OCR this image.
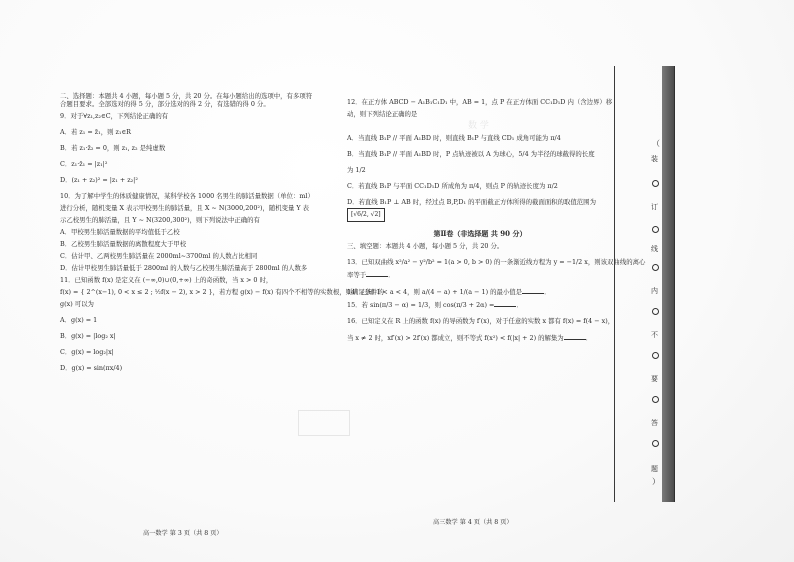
数 学
二、选择题：本题共 4 小题，每小题 5 分，共 20 分。在每小题给出的选项中，有多项符
合题目要求。全部选对的得 5 分，部分选对的得 2 分，有选错的得 0 分。
9．对于∀z₁,z₂∈C，下列结论正确的有
A．若 z₁ = z̄₁，则 z₁∈R
B．若 z₁·z̄₂ = 0，则 z₁, z₂ 是纯虚数
C．z₁·z̄₁ = |z₁|²
D．(z₁ + z₂)² = |z₁ + z₂|²
10．为了解中学生的体质健康情况，某科学校各 1000 名男生的肺活量数据（单位：ml）
进行分析，随机变量 X 表示甲校男生的肺活量，且 X ~ N(3000,200²)，随机变量 Y 表
示乙校男生的肺活量，且 Y ~ N(3200,300²)，则下列说法中正确的有
A．甲校男生肺活量数据的平均值低于乙校
B．乙校男生肺活量数据的离散程度大于甲校
C．估计甲、乙两校男生肺活量在 2000ml~3700ml 的人数占比相同
D．估计甲校男生肺活量低于 2800ml 的人数与乙校男生肺活量高于 2800ml 的人数多
11．已知函数 f(x) 是定义在 (−∞,0)∪(0,+∞) 上的奇函数，当 x > 0 时，
f(x) = { 2^(x−1), 0 < x ≤ 2 ; ½f(x − 2), x > 2 }，若方程 g(x) − f(x) 有四个不相等的实数根，则满足条件的
g(x) 可以为
A．g(x) = 1
B．g(x) = |log₂ x|
C．g(x) = log₂|x|
D．g(x) = sin(πx/4)
高一数学 第 3 页（共 8 页）
12．在正方体 ABCD − A₁B₁C₁D₁ 中，AB = 1，点 P 在正方体面 CC₁D₁D 内（含边界）移
动，则下列结论正确的是
A．当直线 B₁P // 平面 A₁BD 时，则直线 B₁P 与直线 CD₁ 成角可能为 π/4
B．当直线 B₁P // 平面 A₁BD 时，P 点轨迹被以 A 为球心，5/4 为半径的球截得的长度
为 1/2
C．若直线 B₁P 与平面 CC₁D₁D 所成角为 π/4，则点 P 的轨迹长度为 π/2
D．若直线 B₁P ⊥ AB 时，经过点 B,P,D₁ 的平面截正方体所得的截面面积的取值范围为
[√6/2, √2]
第Ⅱ卷（非选择题 共 90 分）
三、填空题：本题共 4 小题，每小题 5 分，共 20 分。
13．已知双曲线 x²/a² − y²/b² = 1(a > 0, b > 0) 的一条渐近线方程为 y = −1/2 x，则该双曲线的离心
率等于	．
14．已知 1 < a < 4，则 a/(4 − a) + 1/(a − 1) 的最小值是	．
15．若 sin(π/3 − α) = 1/3，则 cos(π/3 + 2α) =	．
16．已知定义在 R 上的函数 f(x) 的导函数为 f′(x)，对于任意的实数 x 都有 f(x) = f(4 − x)，
当 x ≠ 2 时，xf′(x) > 2f′(x) 都成立，则不等式 f(x²) < f(|x| + 2) 的解集为	．
高三数学 第 4 页（共 8 页）
（
装
订
线
内
不
要
答
题
）
